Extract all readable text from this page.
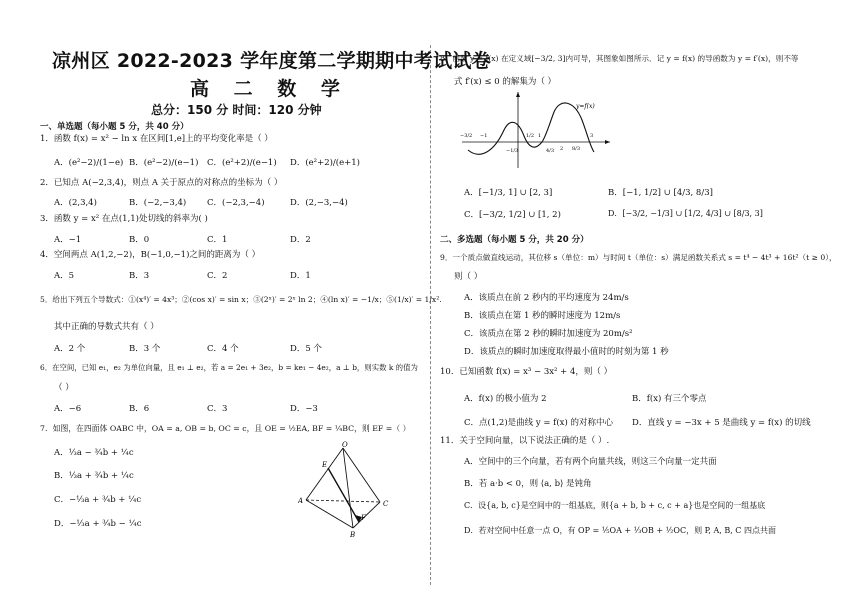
凉州区 2022-2023 学年度第二学期期中考试试卷
高 二 数 学
总分：150 分 时间：120 分钟
一、单选题（每小题 5 分，共 40 分）
1．函数 f(x) = x² − ln x 在区间[1,e]上的平均变化率是（ ）
A．(e²−2)/(1−e) B．(e²−2)/(e−1) C．(e²+2)/(e−1) D．(e²+2)/(e+1)
2．已知点 A(−2,3,4)，则点 A 关于原点的对称点的坐标为（ ）
A．(2,3,4)	B．(−2,−3,4) C．(−2,3,−4)	D．(2,−3,−4)
3．函数 y = x² 在点(1,1)处切线的斜率为( )
A．−1	B．0	C．1	D．2
4．空间两点 A(1,2,−2)，B(−1,0,−1)之间的距离为（ ）
A．5	B．3	C．2	D．1
5．给出下列五个导数式：①(x⁴)′ = 4x³；②(cos x)′ = sin x；③(2ˣ)′ = 2ˣ ln 2；④(ln x)′ = −1/x；⑤(1/x)′ = 1/x².
其中正确的导数式共有（ ）
A．2 个	B．3 个	C．4 个	D．5 个
6．在空间，已知 e₁，e₂ 为单位向量，且 e₁ ⊥ e₂，若 a = 2e₁ + 3e₂，b = ke₁ − 4e₂，a ⊥ b，则实数 k 的值为
（ ）
A．−6	B．6	C．3	D．−3
7．如图，在四面体 OABC 中，OA = a, OB = b, OC = c，且 OE = ½EA, BF = ¼BC，则 EF =（ ）
A．⅓a − ¾b + ¼c
B．⅓a + ¾b + ¼c
C．−⅓a + ¾b + ¼c
D．−⅓a + ¾b − ¼c
O
E
A
B
C
F
8．函数 y = f(x) 在定义域[−3/2, 3]内可导，其图象如图所示．记 y = f(x) 的导函数为 y = f′(x)，则不等
式 f′(x) ≤ 0 的解集为（ ）
y=f(x)
−3/2 −1	1/2 1
2 8/3
3
−1/3	4/3
A．[−1/3, 1] ∪ [2, 3]	B．[−1, 1/2] ∪ [4/3, 8/3]
C．[−3/2, 1/2] ∪ [1, 2)	D．[−3/2, −1/3] ∪ [1/2, 4/3] ∪ [8/3, 3]
二、多选题（每小题 5 分，共 20 分）
9．一个质点做直线运动，其位移 s（单位：m）与时间 t（单位：s）满足函数关系式 s = t⁴ − 4t³ + 16t²（t ≥ 0），
则（ ）
A．该质点在前 2 秒内的平均速度为 24m/s
B．该质点在第 1 秒的瞬时速度为 12m/s
C．该质点在第 2 秒的瞬时加速度为 20m/s²
D．该质点的瞬时加速度取得最小值时的时刻为第 1 秒
10．已知函数 f(x) = x³ − 3x² + 4，则（ ）
A．f(x) 的极小值为 2	B．f(x) 有三个零点
C．点(1,2)是曲线 y = f(x) 的对称中心 D．直线 y = −3x + 5 是曲线 y = f(x) 的切线
11．关于空间向量，以下说法正确的是（ ）.
A．空间中的三个向量，若有两个向量共线，则这三个向量一定共面
B．若 a·b < 0，则 ⟨a, b⟩ 是钝角
C．设{a, b, c}是空间中的一组基底，则{a + b, b + c, c + a}也是空间的一组基底
D．若对空间中任意一点 O，有 OP = ⅕OA + ⅓OB + ½OC，则 P, A, B, C 四点共面
